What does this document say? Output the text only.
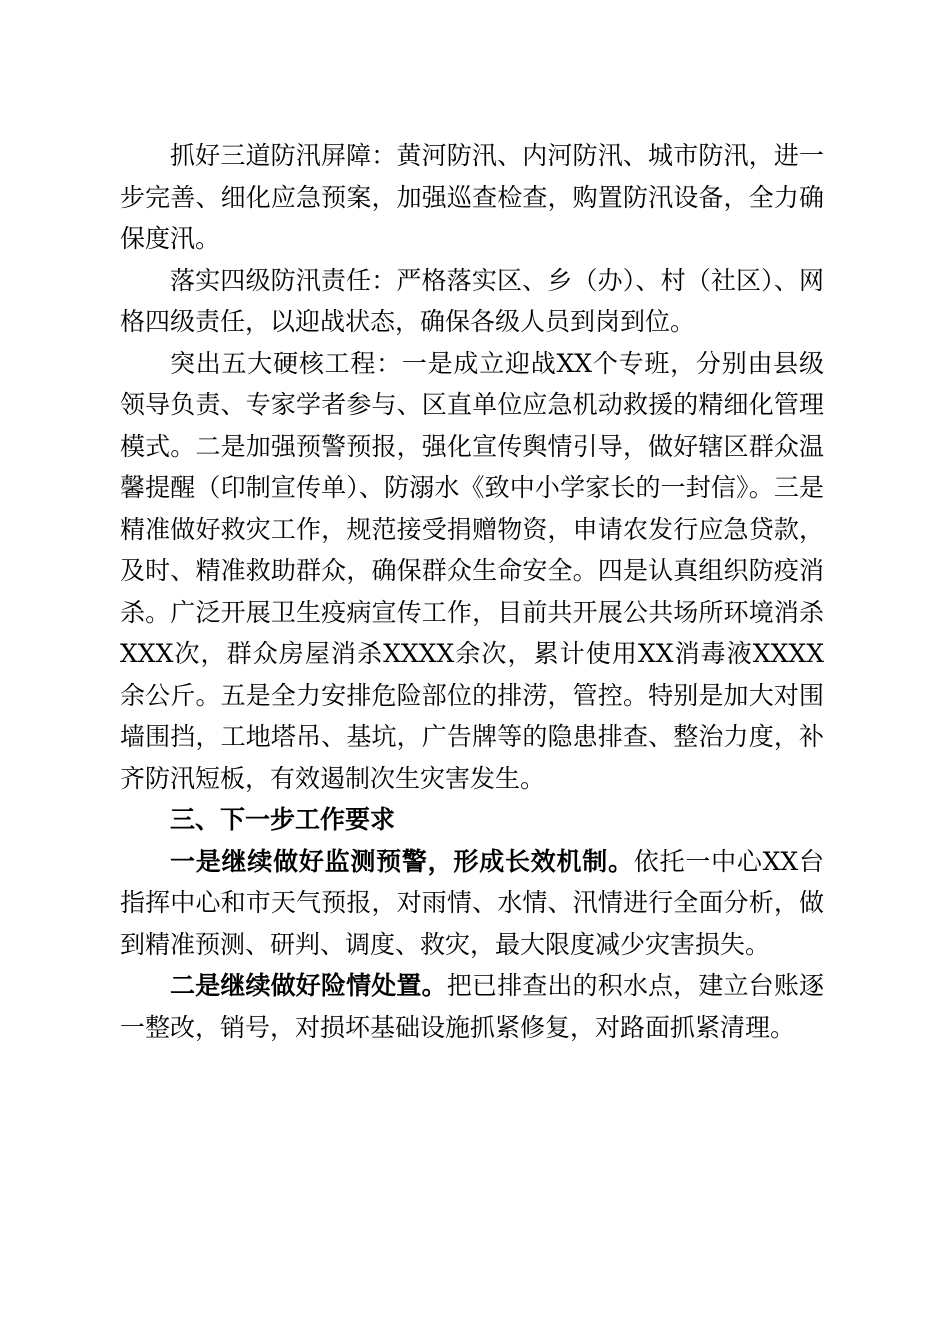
抓好三道防汛屏障：黄河防汛、内河防汛、城市防汛，进一步完善、细化应急预案，加强巡查检查，购置防汛设备，全力确保度汛。

落实四级防汛责任：严格落实区、乡（办）、村（社区）、网格四级责任，以迎战状态，确保各级人员到岗到位。

突出五大硬核工程：一是成立迎战XX个专班，分别由县级领导负责、专家学者参与、区直单位应急机动救援的精细化管理模式。二是加强预警预报，强化宣传舆情引导，做好辖区群众温馨提醒（印制宣传单）、防溺水《致中小学家长的一封信》。三是精准做好救灾工作，规范接受捐赠物资，申请农发行应急贷款，及时、精准救助群众，确保群众生命安全。四是认真组织防疫消杀。广泛开展卫生疫病宣传工作，目前共开展公共场所环境消杀XXX次，群众房屋消杀XXXX余次，累计使用XX消毒液XXXX余公斤。五是全力安排危险部位的排涝，管控。特别是加大对围墙围挡，工地塔吊、基坑，广告牌等的隐患排查、整治力度，补齐防汛短板，有效遏制次生灾害发生。

三、下一步工作要求

一是继续做好监测预警，形成长效机制。依托一中心XX台指挥中心和市天气预报，对雨情、水情、汛情进行全面分析，做到精准预测、研判、调度、救灾，最大限度减少灾害损失。

二是继续做好险情处置。把已排查出的积水点，建立台账逐一整改，销号，对损坏基础设施抓紧修复，对路面抓紧清理。
